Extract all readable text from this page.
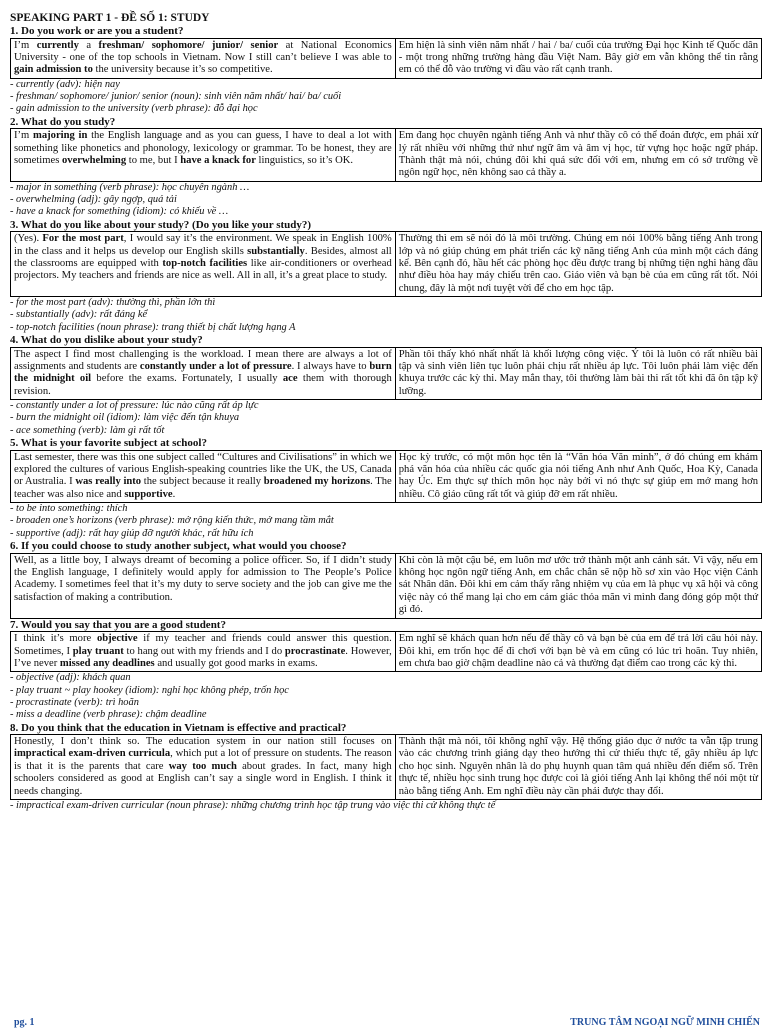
SPEAKING PART 1 - ĐỀ SỐ 1: STUDY
1. Do you work or are you a student?
I’m currently a freshman/ sophomore/ junior/ senior at National Economics University - one of the top schools in Vietnam. Now I still can’t believe I was able to gain admission to the university because it’s so competitive.	Em hiện là sinh viên năm nhất / hai / ba/ cuối của trường Đại học Kinh tế Quốc dân - một trong những trường hàng đầu Việt Nam. Bây giờ em vẫn không thể tin rằng em có thể đỗ vào trường vì đầu vào rất cạnh tranh.
- currently (adv): hiện nay
- freshman/ sophomore/ junior/ senior (noun): sinh viên năm nhất/ hai/ ba/ cuối
- gain admission to the university (verb phrase): đỗ đại học
2. What do you study?
I’m majoring in the English language and as you can guess, I have to deal a lot with something like phonetics and phonology, lexicology or grammar. To be honest, they are sometimes overwhelming to me, but I have a knack for linguistics, so it’s OK.	Em đang học chuyên ngành tiếng Anh và như thầy cô có thể đoán được, em phải xử lý rất nhiều với những thứ như ngữ âm và âm vị học, từ vựng học hoặc ngữ pháp. Thành thật mà nói, chúng đôi khi quá sức đối với em, nhưng em có sở trường về ngôn ngữ học, nên không sao cả thầy a.
- major in something (verb phrase): học chuyên ngành …
- overwhelming (adj): gây ngợp, quá tải
- have a knack for something (idiom): có khiếu về …
3. What do you like about your study? (Do you like your study?)
(Yes). For the most part, I would say it’s the environment. We speak in English 100% in the class and it helps us develop our English skills substantially. Besides, almost all the classrooms are equipped with top-notch facilities like air-conditioners or overhead projectors. My teachers and friends are nice as well. All in all, it’s a great place to study.	Thường thì em sẽ nói đó là môi trường. Chúng em nói 100% bằng tiếng Anh trong lớp và nó giúp chúng em phát triển các kỹ năng tiếng Anh của mình một cách đáng kể. Bên cạnh đó, hầu hết các phòng học đều được trang bị những tiện nghi hàng đầu như điều hòa hay máy chiếu trên cao. Giáo viên và bạn bè của em cũng rất tốt. Nói chung, đây là một nơi tuyệt vời để cho em học tập.
- for the most part (adv): thường thì, phần lớn thì
- substantially (adv): rất đáng kể
- top-notch facilities (noun phrase): trang thiết bị chất lượng hạng A
4. What do you dislike about your study?
The aspect I find most challenging is the workload. I mean there are always a lot of assignments and students are constantly under a lot of pressure. I always have to burn the midnight oil before the exams. Fortunately, I usually ace them with thorough revision.	Phần tôi thấy khó nhất nhất là khối lượng công việc. Ý tôi là luôn có rất nhiều bài tập và sinh viên liên tục luôn phải chịu rất nhiều áp lực. Tôi luôn phải làm việc đến khuya trước các kỳ thi. May mắn thay, tôi thường làm bài thi rất tốt khi đã ôn tập kỹ lưỡng.
- constantly under a lot of pressure: lúc nào cũng rất áp lực
- burn the midnight oil (idiom): làm việc đến tận khuya
- ace something (verb): làm gì rất tốt
5. What is your favorite subject at school?
Last semester, there was this one subject called “Cultures and Civilisations” in which we explored the cultures of various English-speaking countries like the UK, the US, Canada or Australia. I was really into the subject because it really broadened my horizons. The teacher was also nice and supportive.	Học kỳ trước, có một môn học tên là “Văn hóa Văn minh”, ở đó chúng em khám phá văn hóa của nhiều các quốc gia nói tiếng Anh như Anh Quốc, Hoa Kỳ, Canada hay Úc. Em thực sự thích môn học này bởi vì nó thực sự giúp em mở mang hơn nhiều. Cô giáo cũng rất tốt và giúp đỡ em rất nhiều.
- to be into something: thích
- broaden one’s horizons (verb phrase): mở rộng kiến thức, mở mang tầm mắt
- supportive (adj): rất hay giúp đỡ người khác, rất hữu ích
6. If you could choose to study another subject, what would you choose?
Well, as a little boy, I always dreamt of becoming a police officer. So, if I didn’t study the English language, I definitely would apply for admission to The People’s Police Academy. I sometimes feel that it’s my duty to serve society and the job can give me the satisfaction of making a contribution.	Khi còn là một cậu bé, em luôn mơ ước trở thành một anh cảnh sát. Vì vậy, nếu em không học ngôn ngữ tiếng Anh, em chắc chắn sẽ nộp hồ sơ xin vào Học viện Cảnh sát Nhân dân. Đôi khi em cảm thấy rằng nhiệm vụ của em là phục vụ xã hội và công việc này có thể mang lại cho em cảm giác thỏa mãn vì mình đang đóng góp một thứ gì đó.
7. Would you say that you are a good student?
I think it’s more objective if my teacher and friends could answer this question. Sometimes, I play truant to hang out with my friends and I do procrastinate. However, I’ve never missed any deadlines and usually got good marks in exams.	Em nghĩ sẽ khách quan hơn nếu để thầy cô và bạn bè của em để trả lời câu hỏi này. Đôi khi, em trốn học để đi chơi với bạn bè và em cũng có lúc trì hoãn. Tuy nhiên, em chưa bao giờ chậm deadline nào cả và thường đạt điểm cao trong các kỳ thi.
- objective (adj): khách quan
- play truant ~ play hookey (idiom): nghỉ học không phép, trốn học
- procrastinate (verb): trì hoãn
- miss a deadline (verb phrase): chậm deadline
8. Do you think that the education in Vietnam is effective and practical?
Honestly, I don’t think so. The education system in our nation still focuses on impractical exam-driven curricula, which put a lot of pressure on students. The reason is that it is the parents that care way too much about grades. In fact, many high schoolers considered as good at English can’t say a single word in English. I think it needs changing.	Thành thật mà nói, tôi không nghĩ vậy. Hệ thống giáo dục ở nước ta vẫn tập trung vào các chương trình giảng dạy theo hướng thi cử thiếu thực tế, gây nhiều áp lực cho học sinh. Nguyên nhân là do phụ huynh quan tâm quá nhiều đến điểm số. Trên thực tế, nhiều học sinh trung học được coi là giỏi tiếng Anh lại không thể nói một từ nào bằng tiếng Anh. Em nghĩ điều này cần phải được thay đổi.
- impractical exam-driven curricular (noun phrase): những chương trình học tập trung vào việc thi cử không thực tế
pg. 1	TRUNG TÂM NGOẠI NGỮ MINH CHIẾN
